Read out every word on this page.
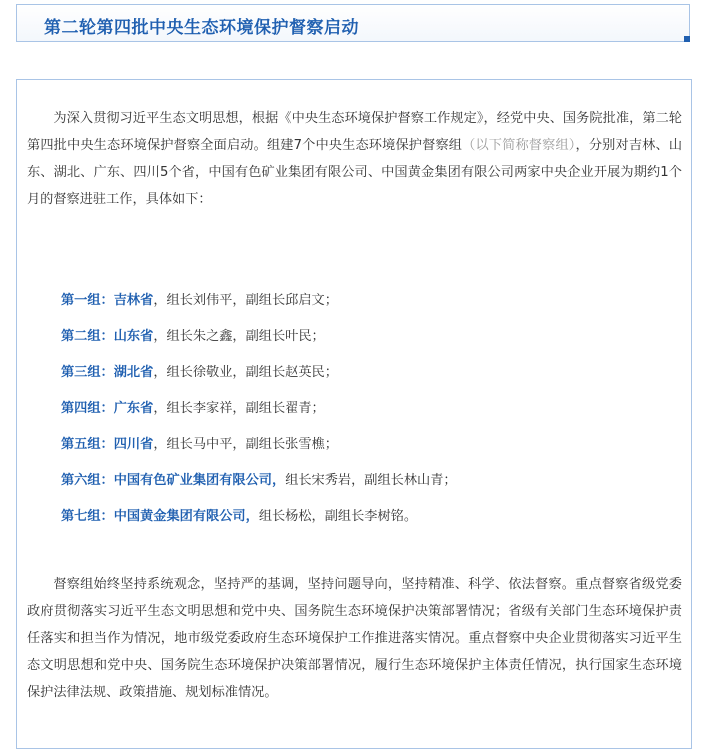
第二轮第四批中央生态环境保护督察启动

为深入贯彻习近平生态文明思想，根据《中央生态环境保护督察工作规定》，经党中央、国务院批准，第二轮第四批中央生态环境保护督察全面启动。组建7个中央生态环境保护督察组（以下简称督察组），分别对吉林、山东、湖北、广东、四川5个省，中国有色矿业集团有限公司、中国黄金集团有限公司两家中央企业开展为期约1个月的督察进驻工作，具体如下：

第一组：吉林省，组长刘伟平，副组长邱启文；
第二组：山东省，组长朱之鑫，副组长叶民；
第三组：湖北省，组长徐敬业，副组长赵英民；
第四组：广东省，组长李家祥，副组长翟青；
第五组：四川省，组长马中平，副组长张雪樵；
第六组：中国有色矿业集团有限公司，组长宋秀岩，副组长林山青；
第七组：中国黄金集团有限公司，组长杨松，副组长李树铭。

督察组始终坚持系统观念，坚持严的基调，坚持问题导向，坚持精准、科学、依法督察。重点督察省级党委政府贯彻落实习近平生态文明思想和党中央、国务院生态环境保护决策部署情况；省级有关部门生态环境保护责任落实和担当作为情况，地市级党委政府生态环境保护工作推进落实情况。重点督察中央企业贯彻落实习近平生态文明思想和党中央、国务院生态环境保护决策部署情况，履行生态环境保护主体责任情况，执行国家生态环境保护法律法规、政策措施、规划标准情况。
